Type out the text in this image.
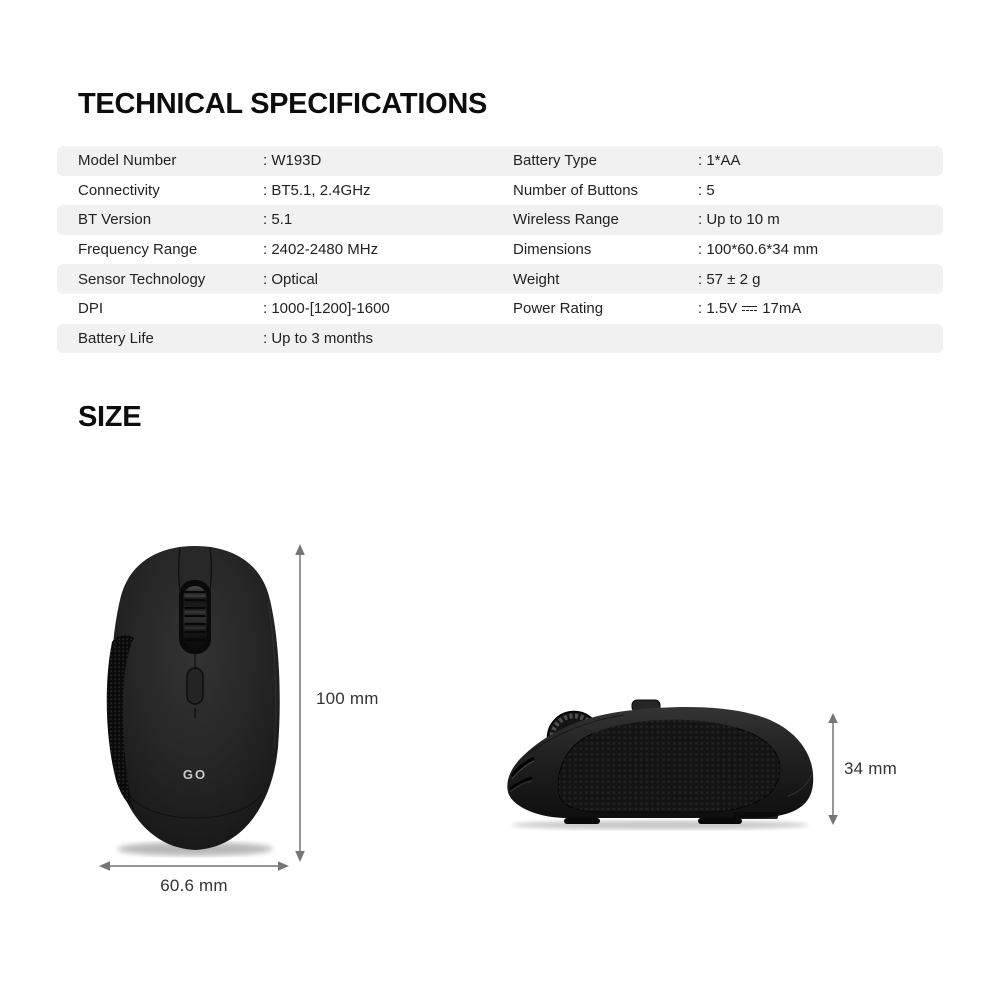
TECHNICAL SPECIFICATIONS
Model Number	: W193D	Battery Type	: 1*AA
Connectivity	: BT5.1, 2.4GHz	Number of Buttons	: 5
BT Version	: 5.1	Wireless Range	: Up to 10 m
Frequency Range	: 2402-2480 MHz	Dimensions	: 100*60.6*34 mm
Sensor Technology	: Optical	Weight	: 57 ± 2 g
DPI	: 1000-[1200]-1600	Power Rating	: 1.5V 17mA
Battery Life	: Up to 3 months
SIZE
GO
100 mm
60.6 mm
34 mm
